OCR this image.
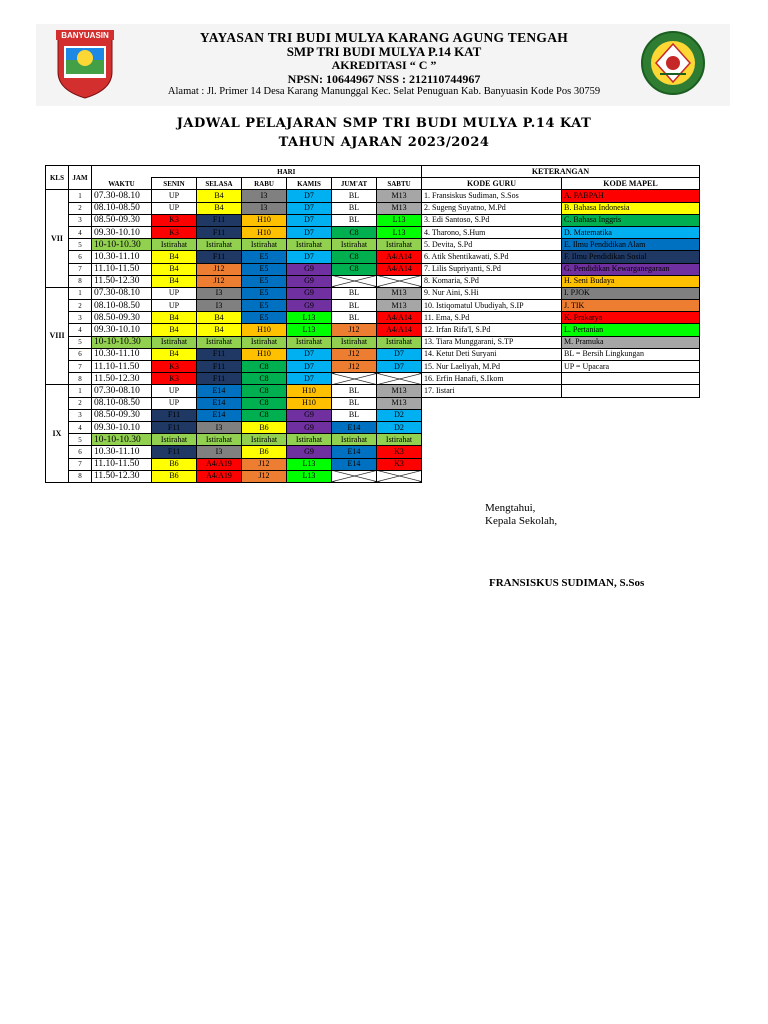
BANYUASIN	YAYASAN TRI BUDI MULYA KARANG AGUNG TENGAH
SMP TRI BUDI MULYA P.14 KAT
AKREDITASI “ C ”
NPSN: 10644967 NSS : 212110744967
Alamat : Jl. Primer 14 Desa Karang Manunggal Kec. Selat Penuguan Kab. Banyuasin Kode Pos 30759
JADWAL PELAJARAN SMP TRI BUDI MULYA P.14 KAT
TAHUN AJARAN 2023/2024
KLS	JAM		HARI					
		WAKTU	SENIN	SELASA	RABU	KAMIS	JUM'AT	SABTU
VII	1	07.30-08.10	UP	B4	I3	D7	BL	M13
	2	08.10-08.50	UP	B4	I3	D7	BL	M13
	3	08.50-09.30	K3	F11	H10	D7	BL	L13
	4	09.30-10.10	K3	F11	H10	D7	C8	L13
	5	10-10-10.30	Istirahat	Istirahat	Istirahat	Istirahat	Istirahat	Istirahat
	6	10.30-11.10	B4	F11	E5	D7	C8	A4/A14
	7	11.10-11.50	B4	J12	E5	G9	C8	A4/A14
	8	11.50-12.30	B4	J12	E5	G9		
VIII	1	07.30-08.10	UP	I3	E5	G9	BL	M13
	2	08.10-08.50	UP	I3	E5	G9	BL	M13
	3	08.50-09.30	B4	B4	E5	L13	BL	A4/A14
	4	09.30-10.10	B4	B4	H10	L13	J12	A4/A14
	5	10-10-10.30	Istirahat	Istirahat	Istirahat	Istirahat	Istirahat	Istirahat
	6	10.30-11.10	B4	F11	H10	D7	J12	D7
	7	11.10-11.50	K3	F11	C8	D7	J12	D7
	8	11.50-12.30	K3	F11	C8	D7		
IX	1	07.30-08.10	UP	E14	C8	H10	BL	M13
	2	08.10-08.50	UP	E14	C8	H10	BL	M13
	3	08.50-09.30	F11	E14	C8	G9	BL	D2
	4	09.30-10.10	F11	I3	B6	G9	E14	D2
	5	10-10-10.30	Istirahat	Istirahat	Istirahat	Istirahat	Istirahat	Istirahat
	6	10.30-11.10	F11	I3	B6	G9	E14	K3
	7	11.10-11.50	B6	A4/A19	J12	L13	E14	K3
	8	11.50-12.30	B6	A4/A19	J12	L13		
KETERANGAN	

KODE GURU	KODE MAPEL
1. Fransiskus Sudiman, S.Sos	A. PABPAH
2. Sugeng Suyatno, M.Pd	B. Bahasa Indonesia
3. Edi Santoso, S.Pd	C. Bahasa Inggris
4. Tharono, S.Hum	D. Matematika
5. Devita, S.Pd	E. Ilmu Pendidikan Alam
6. Atik Shentikawati, S.Pd	F. Ilmu Pendidikan Sosial
7. Lilis Supriyanti, S.Pd	G. Pendidikan Kewarganegaraan
8. Komaria, S.Pd	H. Seni Budaya
9. Nur Aini, S.Hi	I. PJOK
10. Istiqomatul Ubudiyah, S.IP	J. TIK
11. Ema, S.Pd	K. Prakarya
12. Irfan Rifa'I, S.Pd	L. Pertanian
13. Tiara Munggarani, S.TP	M. Pramuka
14. Ketut Deti Suryani	BL = Bersih Lingkungan
15. Nur Laeliyah, M.Pd	UP = Upacara
16. Erfin Hanafi, S.Ikom	
17. Iistari	
Mengtahui,
Kepala Sekolah,
FRANSISKUS SUDIMAN, S.Sos
